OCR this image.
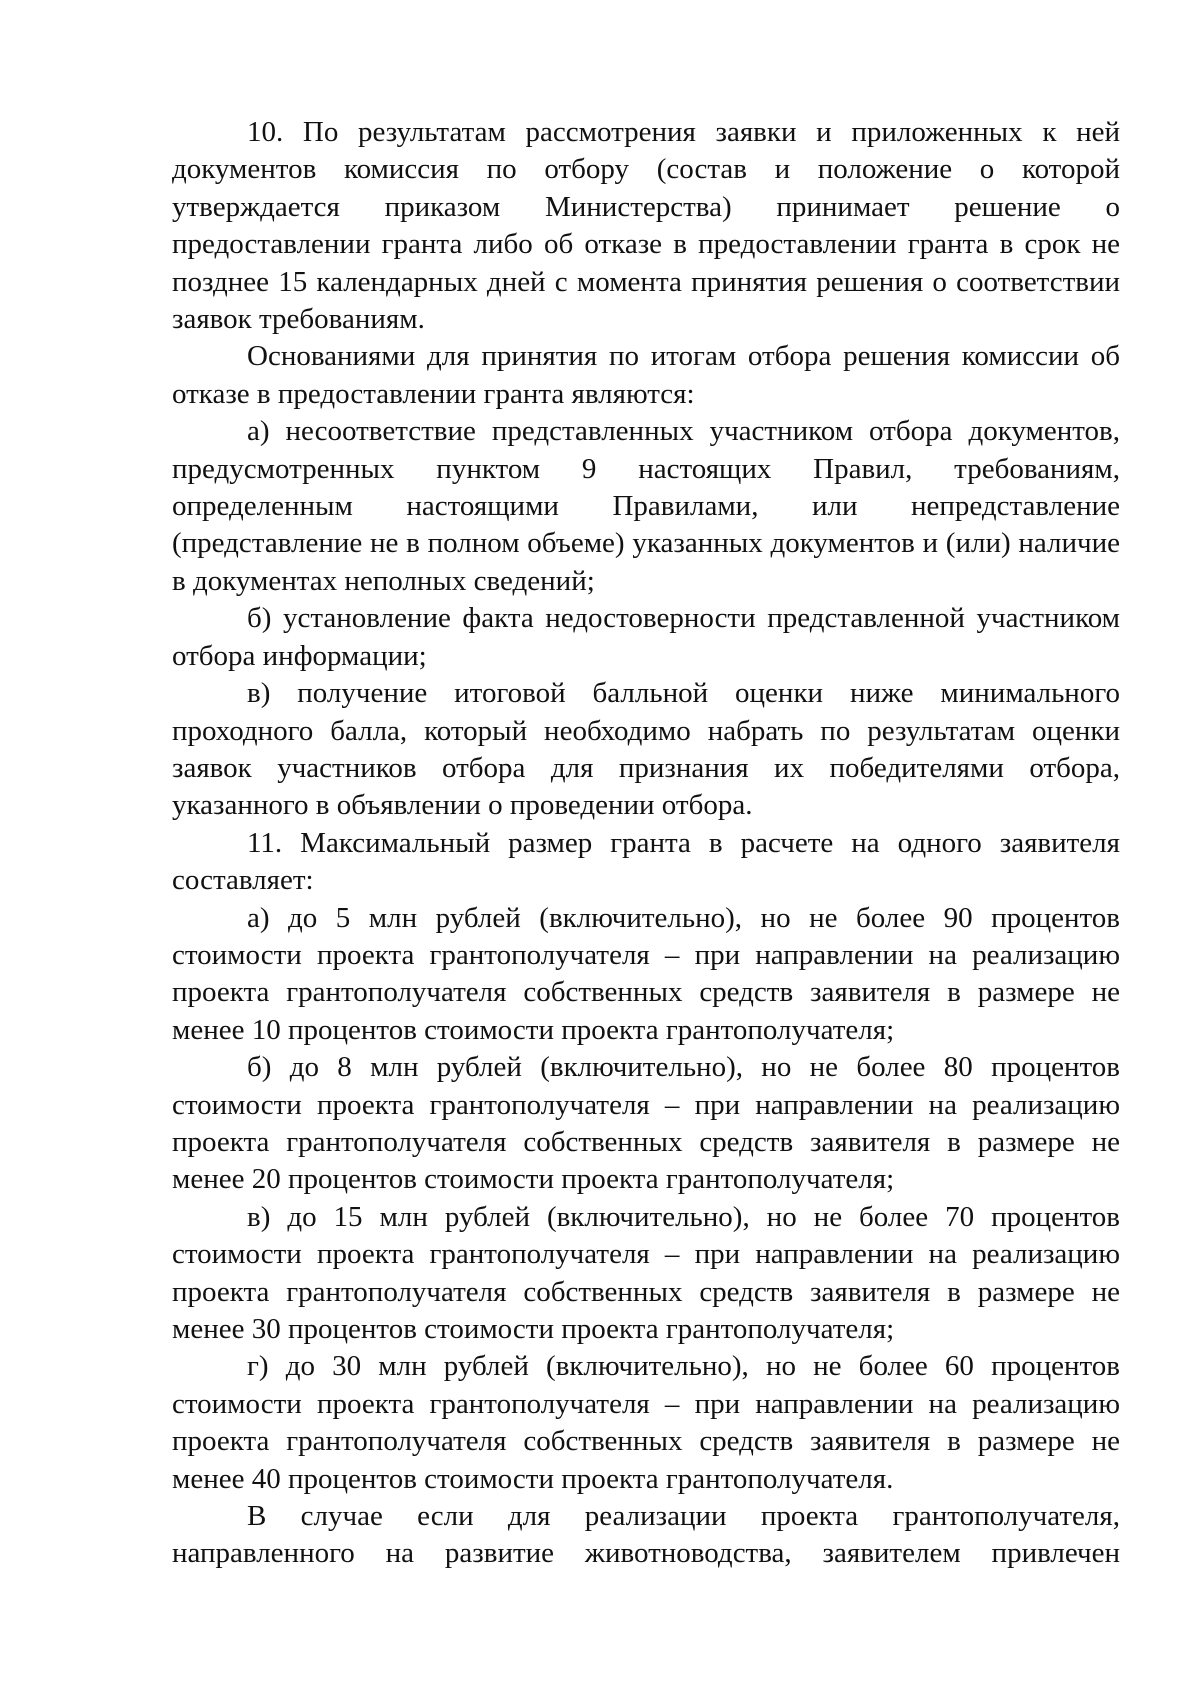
10. По результатам рассмотрения заявки и приложенных к ней документов комиссия по отбору (состав и положение о которой утверждается приказом Министерства) принимает решение о предоставлении гранта либо об отказе в предоставлении гранта в срок не позднее 15 календарных дней с момента принятия решения о соответствии заявок требованиям.

Основаниями для принятия по итогам отбора решения комиссии об отказе в предоставлении гранта являются:

а) несоответствие представленных участником отбора документов, предусмотренных пунктом 9 настоящих Правил, требованиям, определенным настоящими Правилами, или непредставление (представление не в полном объеме) указанных документов и (или) наличие в документах неполных сведений;

б) установление факта недостоверности представленной участником отбора информации;

в) получение итоговой балльной оценки ниже минимального проходного балла, который необходимо набрать по результатам оценки заявок участников отбора для признания их победителями отбора, указанного в объявлении о проведении отбора.

11. Максимальный размер гранта в расчете на одного заявителя составляет:

а) до 5 млн рублей (включительно), но не более 90 процентов стоимости проекта грантополучателя – при направлении на реализацию проекта грантополучателя собственных средств заявителя в размере не менее 10 процентов стоимости проекта грантополучателя;

б) до 8 млн рублей (включительно), но не более 80 процентов стоимости проекта грантополучателя – при направлении на реализацию проекта грантополучателя собственных средств заявителя в размере не менее 20 процентов стоимости проекта грантополучателя;

в) до 15 млн рублей (включительно), но не более 70 процентов стоимости проекта грантополучателя – при направлении на реализацию проекта грантополучателя собственных средств заявителя в размере не менее 30 процентов стоимости проекта грантополучателя;

г) до 30 млн рублей (включительно), но не более 60 процентов стоимости проекта грантополучателя – при направлении на реализацию проекта грантополучателя собственных средств заявителя в размере не менее 40 процентов стоимости проекта грантополучателя.

В случае если для реализации проекта грантополучателя, направленного на развитие животноводства, заявителем привлечен
